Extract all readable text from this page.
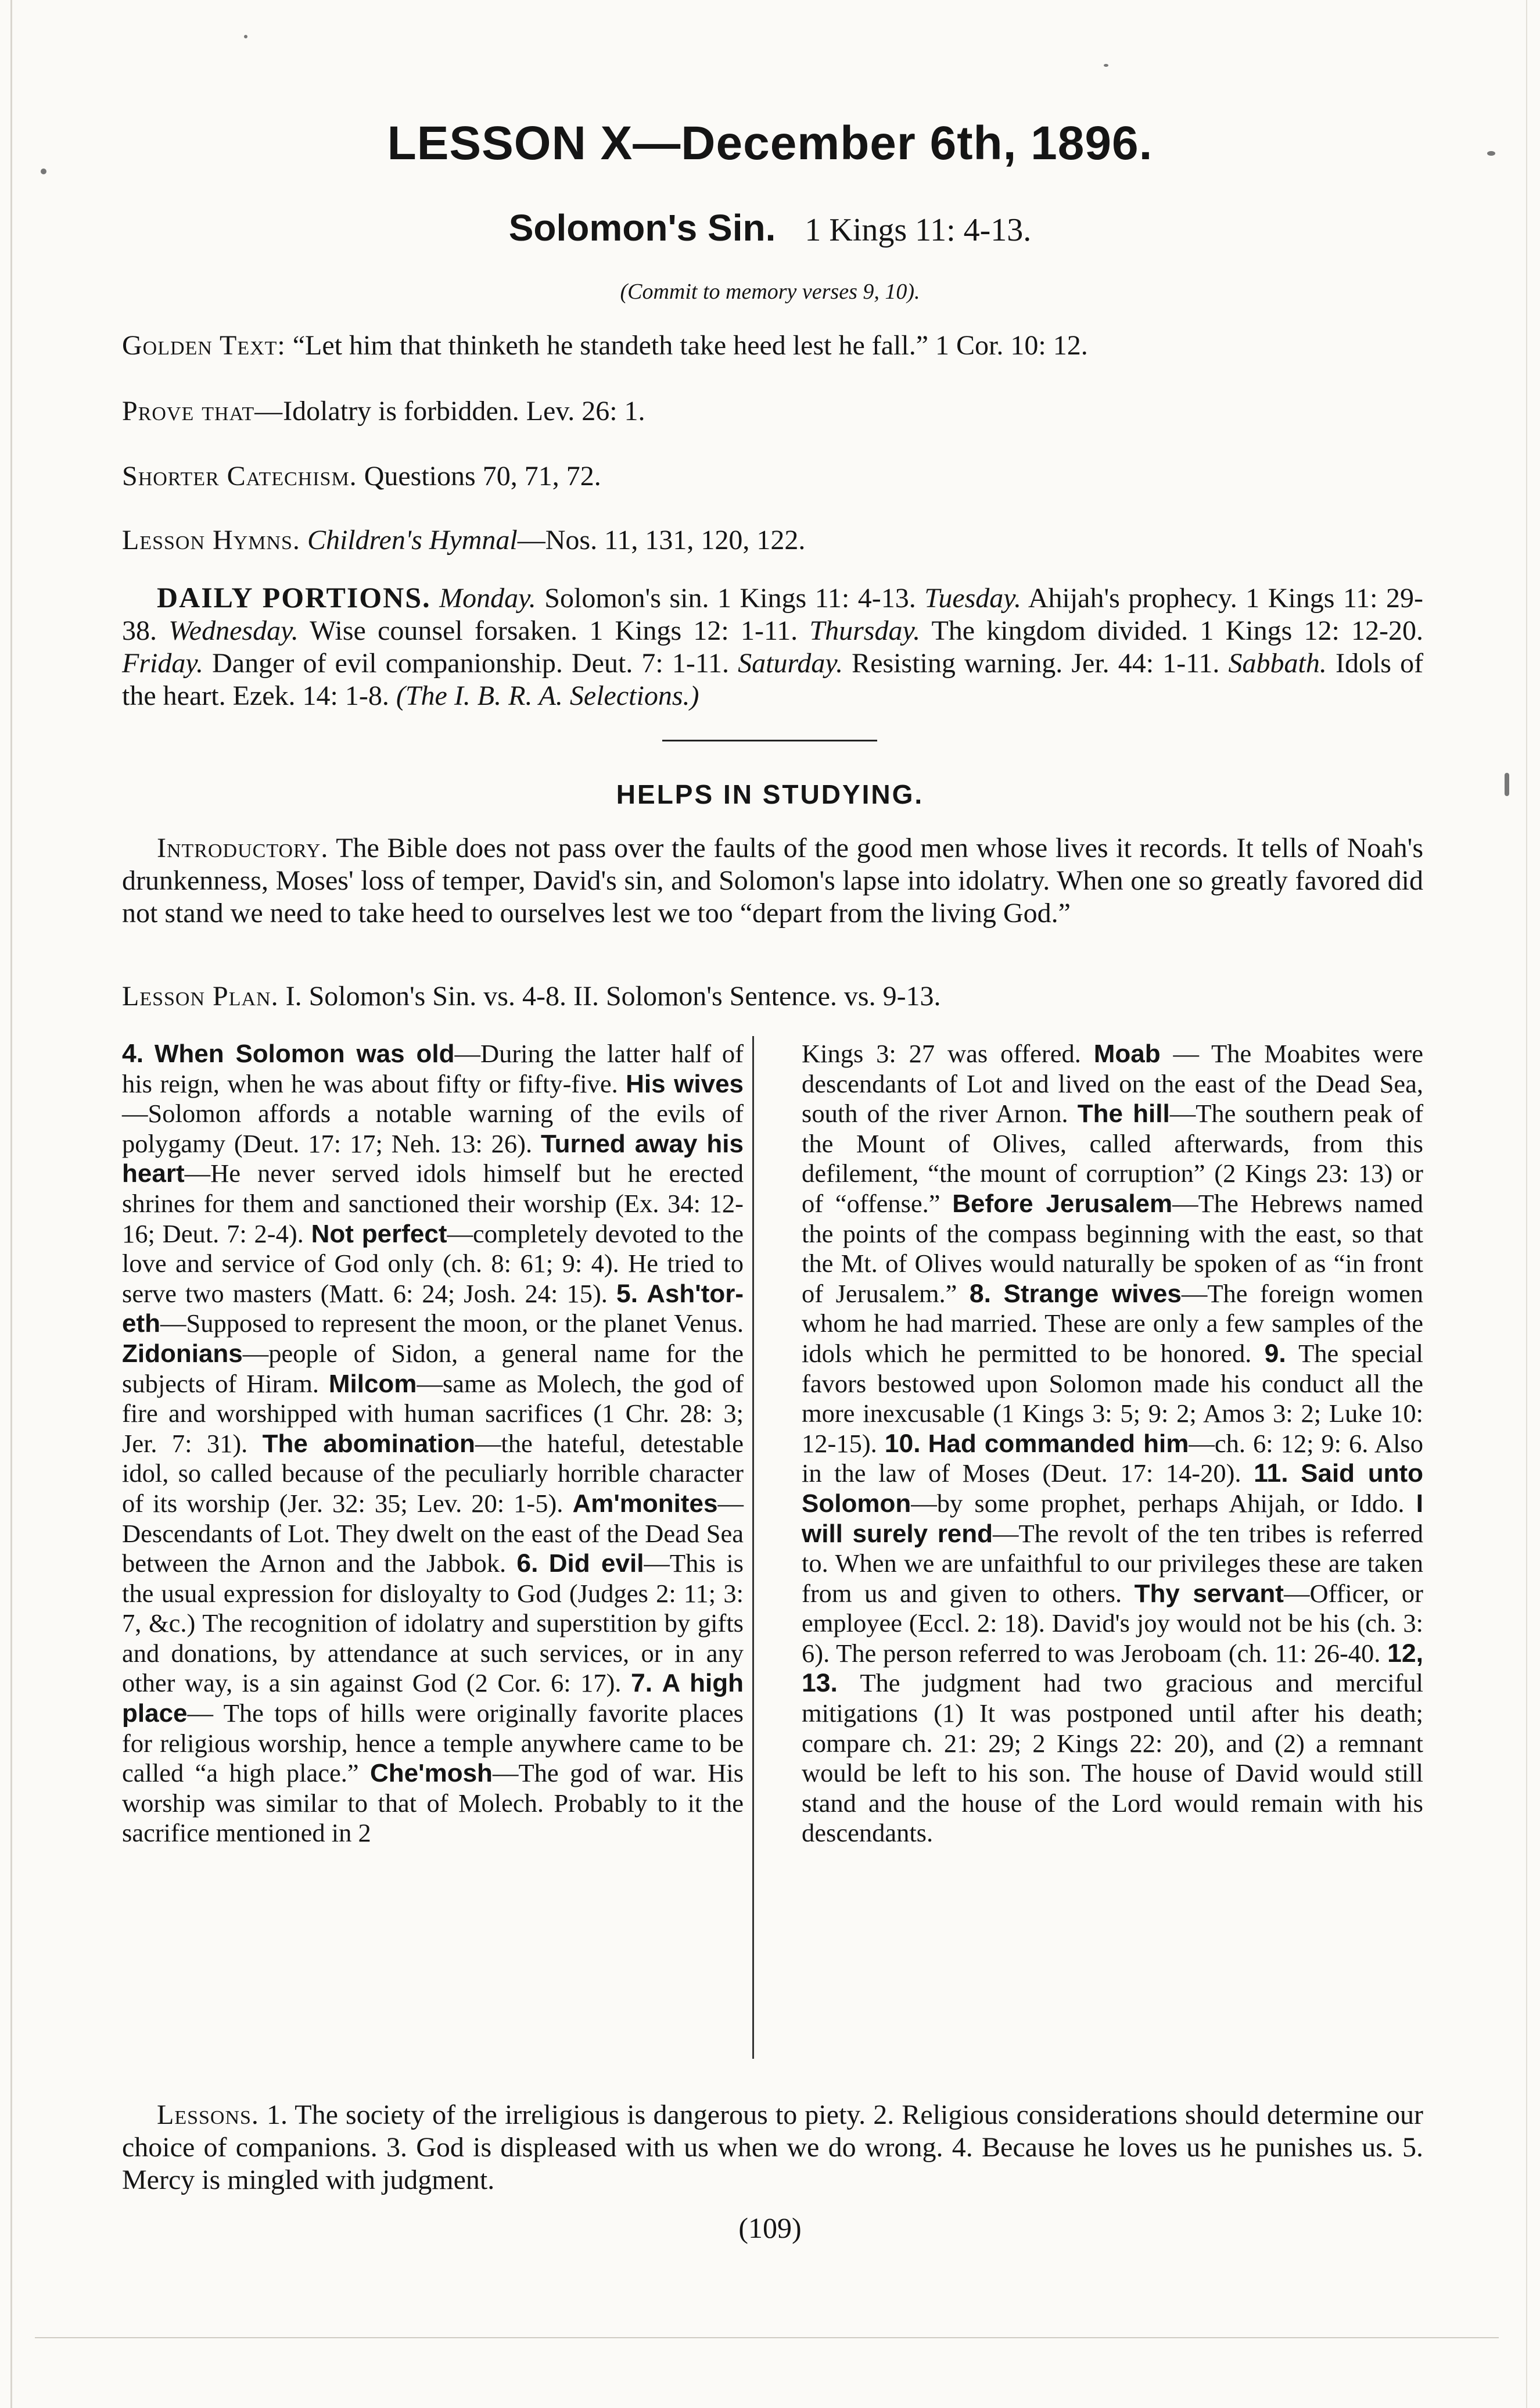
LESSON X—December 6th, 1896.
Solomon's Sin. 1 Kings 11: 4-13.
(Commit to memory verses 9, 10).
Golden Text: “Let him that thinketh he standeth take heed lest he fall.” 1 Cor. 10: 12.
Prove that—Idolatry is forbidden. Lev. 26: 1.
Shorter Catechism. Questions 70, 71, 72.
Lesson Hymns. Children's Hymnal—Nos. 11, 131, 120, 122.
DAILY PORTIONS. Monday. Solomon's sin. 1 Kings 11: 4-13. Tuesday. Ahijah's prophecy. 1 Kings 11: 29-38. Wednesday. Wise counsel forsaken. 1 Kings 12: 1-11. Thursday. The kingdom divided. 1 Kings 12: 12-20. Friday. Danger of evil companionship. Deut. 7: 1-11. Saturday. Resisting warning. Jer. 44: 1-11. Sabbath. Idols of the heart. Ezek. 14: 1-8. (The I. B. R. A. Selections.)
HELPS IN STUDYING.
Introductory. The Bible does not pass over the faults of the good men whose lives it records. It tells of Noah's drunkenness, Moses' loss of temper, David's sin, and Solomon's lapse into idolatry. When one so greatly favored did not stand we need to take heed to ourselves lest we too “depart from the living God.”
Lesson Plan. I. Solomon's Sin. vs. 4-8. II. Solomon's Sentence. vs. 9-13.
4. When Solomon was old—During the latter half of his reign, when he was about fifty or fifty-five. His wives—Solomon affords a notable warning of the evils of polygamy (Deut. 17: 17; Neh. 13: 26). Turned away his heart—He never served idols himself but he erected shrines for them and sanctioned their worship (Ex. 34: 12-16; Deut. 7: 2-4). Not perfect—completely devoted to the love and service of God only (ch. 8: 61; 9: 4). He tried to serve two masters (Matt. 6: 24; Josh. 24: 15). 5. Ash'tor-eth—Supposed to represent the moon, or the planet Venus. Zidonians—people of Sidon, a general name for the subjects of Hiram. Milcom—same as Molech, the god of fire and worshipped with human sacrifices (1 Chr. 28: 3; Jer. 7: 31). The abomination—the hateful, detestable idol, so called because of the peculiarly horrible character of its worship (Jer. 32: 35; Lev. 20: 1-5). Am'monites—Descendants of Lot. They dwelt on the east of the Dead Sea between the Arnon and the Jabbok. 6. Did evil—This is the usual expression for disloyalty to God (Judges 2: 11; 3: 7, &c.) The recognition of idolatry and superstition by gifts and donations, by attendance at such services, or in any other way, is a sin against God (2 Cor. 6: 17). 7. A high place— The tops of hills were originally favorite places for religious worship, hence a temple anywhere came to be called “a high place.” Che'mosh—The god of war. His worship was similar to that of Molech. Probably to it the sacrifice mentioned in 2
Kings 3: 27 was offered. Moab — The Moabites were descendants of Lot and lived on the east of the Dead Sea, south of the river Arnon. The hill—The southern peak of the Mount of Olives, called afterwards, from this defilement, “the mount of corruption” (2 Kings 23: 13) or of “offense.” Before Jerusalem—The Hebrews named the points of the compass beginning with the east, so that the Mt. of Olives would naturally be spoken of as “in front of Jerusalem.” 8. Strange wives—The foreign women whom he had married. These are only a few samples of the idols which he permitted to be honored. 9. The special favors bestowed upon Solomon made his conduct all the more inexcusable (1 Kings 3: 5; 9: 2; Amos 3: 2; Luke 10: 12-15). 10. Had commanded him—ch. 6: 12; 9: 6. Also in the law of Moses (Deut. 17: 14-20). 11. Said unto Solomon—by some prophet, perhaps Ahijah, or Iddo. I will surely rend—The revolt of the ten tribes is referred to. When we are unfaithful to our privileges these are taken from us and given to others. Thy servant—Officer, or employee (Eccl. 2: 18). David's joy would not be his (ch. 3: 6). The person referred to was Jeroboam (ch. 11: 26-40. 12, 13. The judgment had two gracious and merciful mitigations (1) It was postponed until after his death; compare ch. 21: 29; 2 Kings 22: 20), and (2) a remnant would be left to his son. The house of David would still stand and the house of the Lord would remain with his descendants.
Lessons. 1. The society of the irreligious is dangerous to piety. 2. Religious considerations should determine our choice of companions. 3. God is displeased with us when we do wrong. 4. Because he loves us he punishes us. 5. Mercy is mingled with judgment.
(109)
